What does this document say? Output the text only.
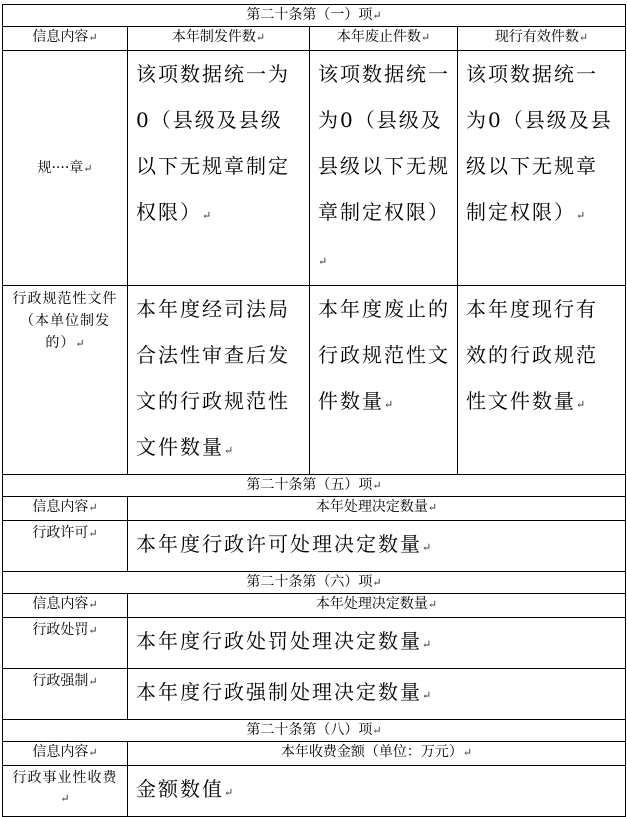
第二十条第（一）项↵			
信息内容↵	本年制发件数↵	本年废止件数↵	现行有效件数↵
规····章↵	该项数据统一为0（县级及县级以下无规章制定权限）↵	该项数据统一为0（县级及县级以下无规章制定权限）↵	该项数据统一为0（县级及县级以下无规章制定权限）↵
行政规范性文件（本单位制发的）↵	本年度经司法局合法性审查后发文的行政规范性文件数量↵	本年度废止的行政规范性文件数量↵	本年度现行有效的行政规范性文件数量↵
第二十条第（五）项↵			
信息内容↵	本年处理决定数量↵		
行政许可↵	本年度行政许可处理决定数量↵		
第二十条第（六）项↵			
信息内容↵	本年处理决定数量↵		
行政处罚↵	本年度行政处罚处理决定数量↵		
行政强制↵	本年度行政强制处理决定数量↵		
第二十条第（八）项↵			
信息内容↵	本年收费金额（单位：万元）↵		
行政事业性收费↵	金额数值↵		
